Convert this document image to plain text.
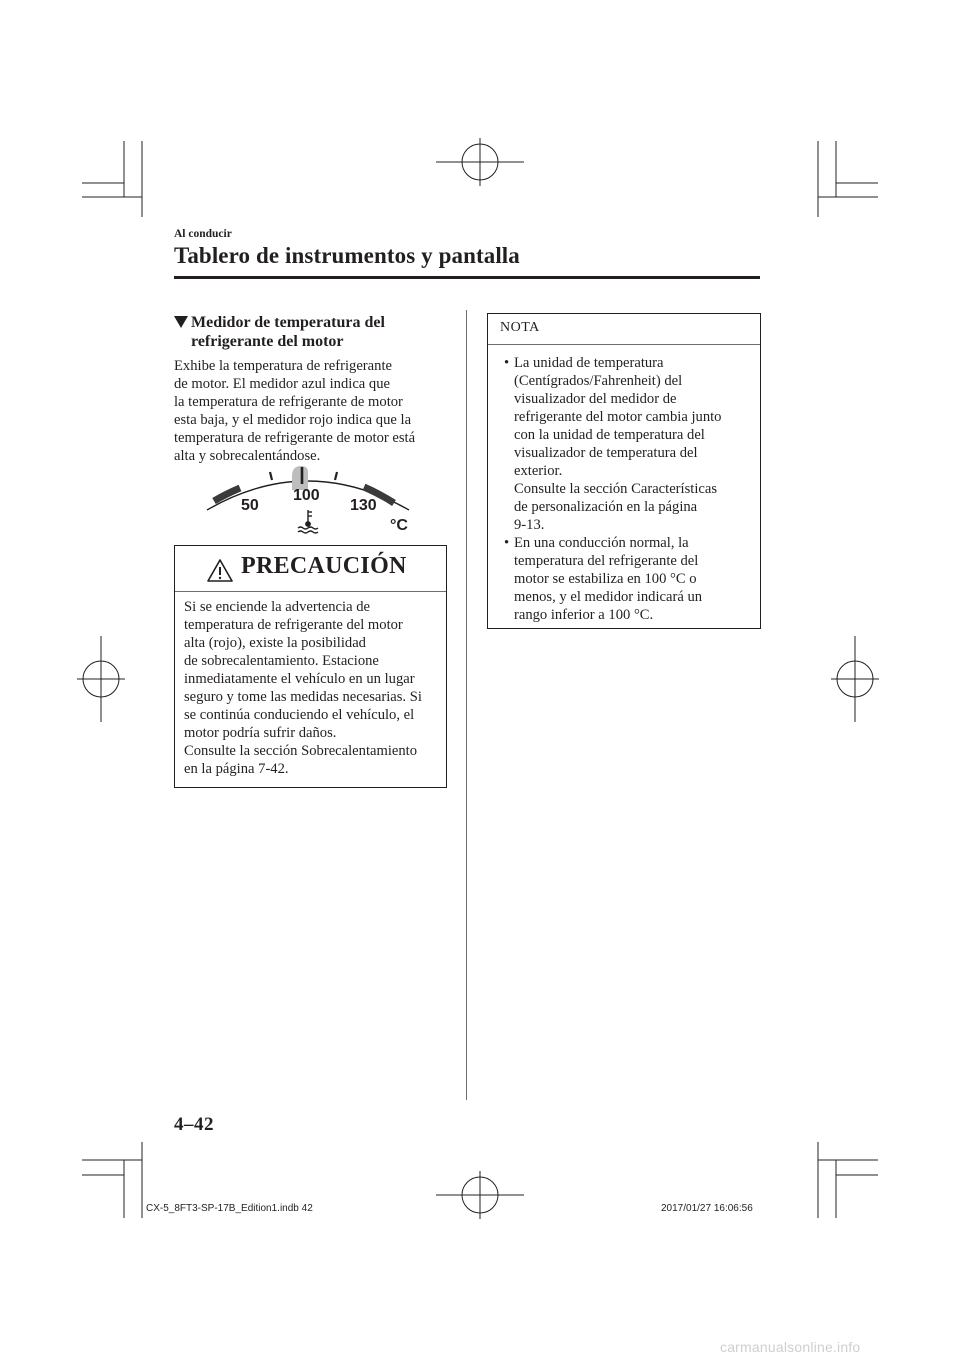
Al conducir
Tablero de instrumentos y pantalla
Medidor de temperatura del
refrigerante del motor
Exhibe la temperatura de refrigerante
de motor. El medidor azul indica que
la temperatura de refrigerante de motor
esta baja, y el medidor rojo indica que la
temperatura de refrigerante de motor está
alta y sobrecalentándose.
50
100
130
°C
PRECAUCIÓN
Si se enciende la advertencia de
temperatura de refrigerante del motor
alta (rojo), existe la posibilidad
de sobrecalentamiento. Estacione
inmediatamente el vehículo en un lugar
seguro y tome las medidas necesarias. Si
se continúa conduciendo el vehículo, el
motor podría sufrir daños.
Consulte la sección Sobrecalentamiento
en la página 7-42.
NOTA
• La unidad de temperatura
(Centígrados/Fahrenheit) del
visualizador del medidor de
refrigerante del motor cambia junto
con la unidad de temperatura del
visualizador de temperatura del
exterior.
Consulte la sección Características
de personalización en la página
9-13.
• En una conducción normal, la
temperatura del refrigerante del
motor se estabiliza en 100 °C o
menos, y el medidor indicará un
rango inferior a 100 °C.
4–42
CX-5_8FT3-SP-17B_Edition1.indb 42	2017/01/27 16:06:56
carmanualsonline.info
